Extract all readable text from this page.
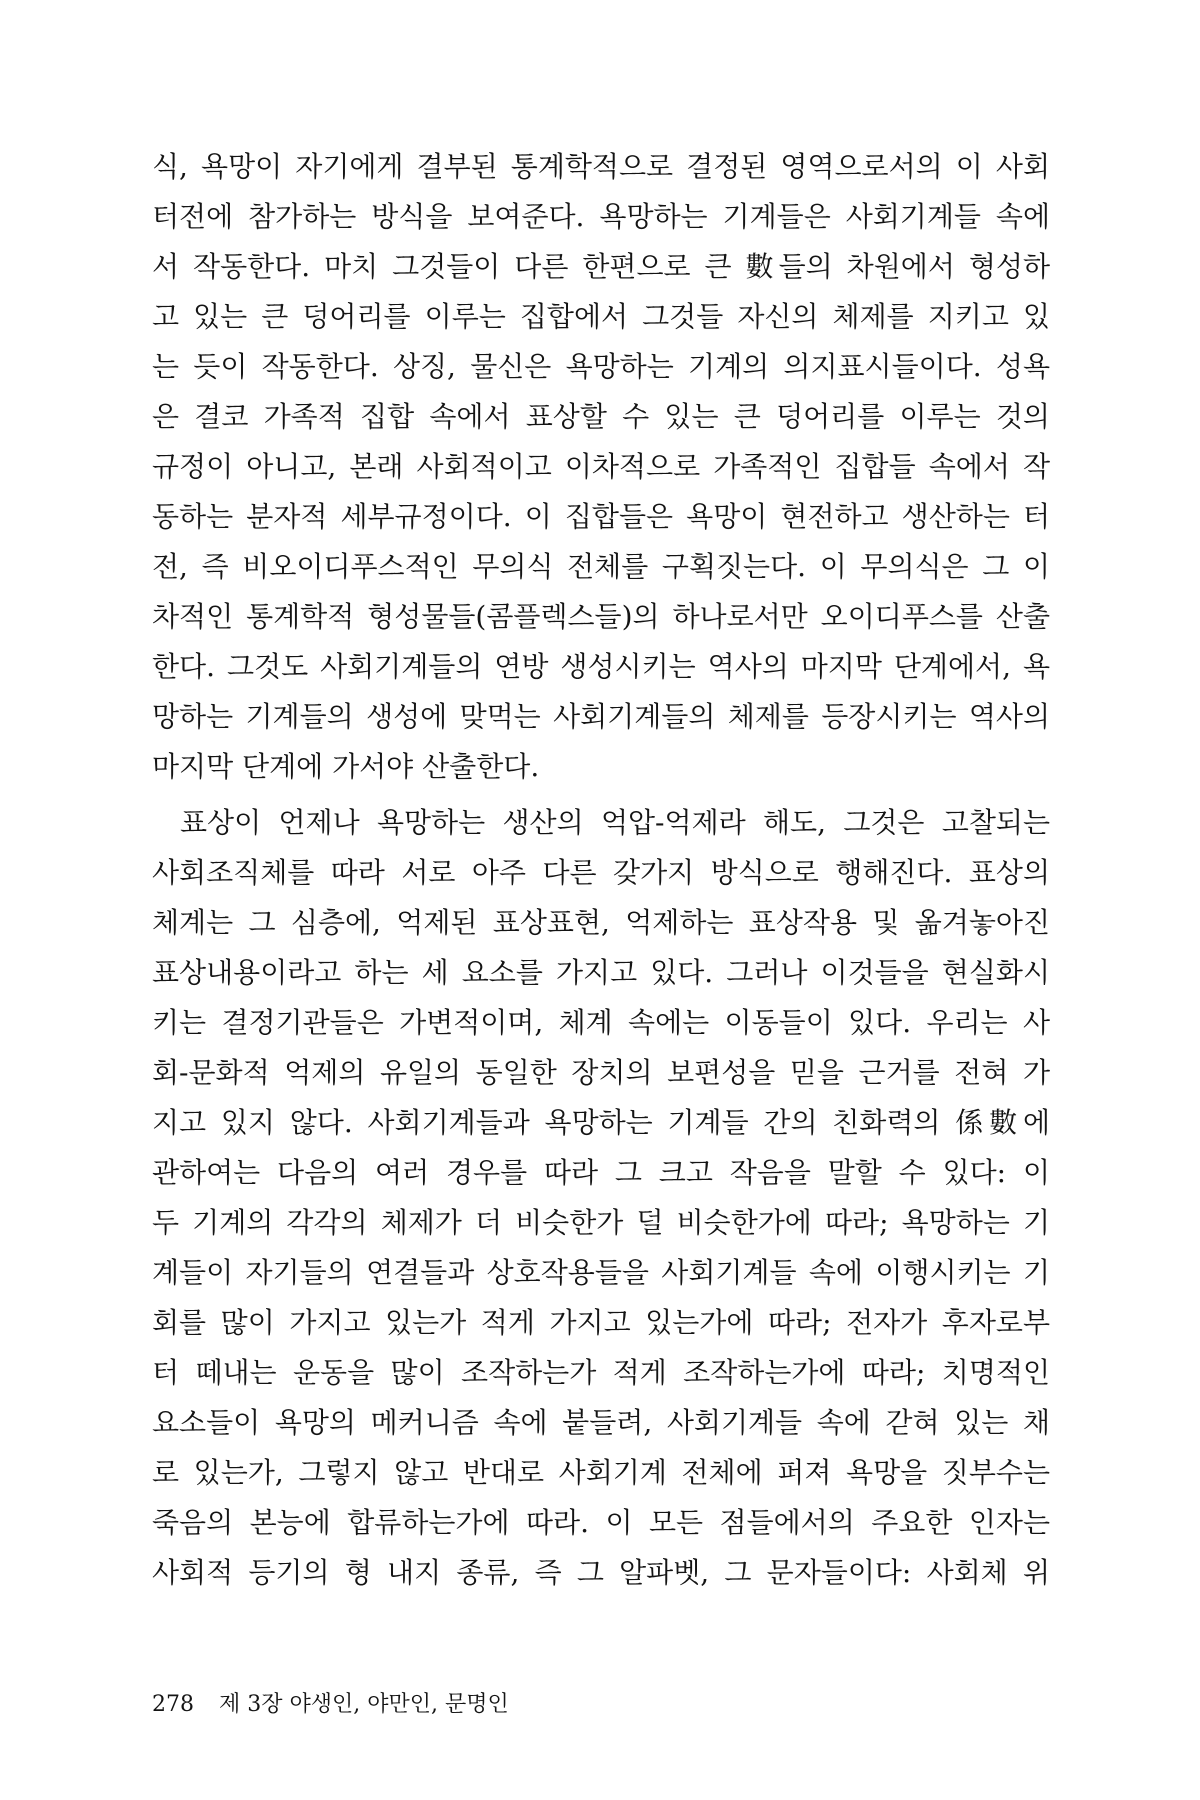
식, 욕망이 자기에게 결부된 통계학적으로 결정된 영역으로서의 이 사회
터전에 참가하는 방식을 보여준다. 욕망하는 기계들은 사회기계들 속에
서 작동한다. 마치 그것들이 다른 한편으로 큰 數들의 차원에서 형성하
고 있는 큰 덩어리를 이루는 집합에서 그것들 자신의 체제를 지키고 있
는 듯이 작동한다. 상징, 물신은 욕망하는 기계의 의지표시들이다. 성욕
은 결코 가족적 집합 속에서 표상할 수 있는 큰 덩어리를 이루는 것의
규정이 아니고, 본래 사회적이고 이차적으로 가족적인 집합들 속에서 작
동하는 분자적 세부규정이다. 이 집합들은 욕망이 현전하고 생산하는 터
전, 즉 비오이디푸스적인 무의식 전체를 구획짓는다. 이 무의식은 그 이
차적인 통계학적 형성물들(콤플렉스들)의 하나로서만 오이디푸스를 산출
한다. 그것도 사회기계들의 연방 생성시키는 역사의 마지막 단계에서, 욕
망하는 기계들의 생성에 맞먹는 사회기계들의 체제를 등장시키는 역사의
마지막 단계에 가서야 산출한다.
표상이 언제나 욕망하는 생산의 억압-억제라 해도, 그것은 고찰되는
사회조직체를 따라 서로 아주 다른 갖가지 방식으로 행해진다. 표상의
체계는 그 심층에, 억제된 표상표현, 억제하는 표상작용 및 옮겨놓아진
표상내용이라고 하는 세 요소를 가지고 있다. 그러나 이것들을 현실화시
키는 결정기관들은 가변적이며, 체계 속에는 이동들이 있다. 우리는 사
회-문화적 억제의 유일의 동일한 장치의 보편성을 믿을 근거를 전혀 가
지고 있지 않다. 사회기계들과 욕망하는 기계들 간의 친화력의 係數에
관하여는 다음의 여러 경우를 따라 그 크고 작음을 말할 수 있다: 이
두 기계의 각각의 체제가 더 비슷한가 덜 비슷한가에 따라; 욕망하는 기
계들이 자기들의 연결들과 상호작용들을 사회기계들 속에 이행시키는 기
회를 많이 가지고 있는가 적게 가지고 있는가에 따라; 전자가 후자로부
터 떼내는 운동을 많이 조작하는가 적게 조작하는가에 따라; 치명적인
요소들이 욕망의 메커니즘 속에 붙들려, 사회기계들 속에 갇혀 있는 채
로 있는가, 그렇지 않고 반대로 사회기계 전체에 퍼져 욕망을 짓부수는
죽음의 본능에 합류하는가에 따라. 이 모든 점들에서의 주요한 인자는
사회적 등기의 형 내지 종류, 즉 그 알파벳, 그 문자들이다: 사회체 위
278 제 3장 야생인, 야만인, 문명인
